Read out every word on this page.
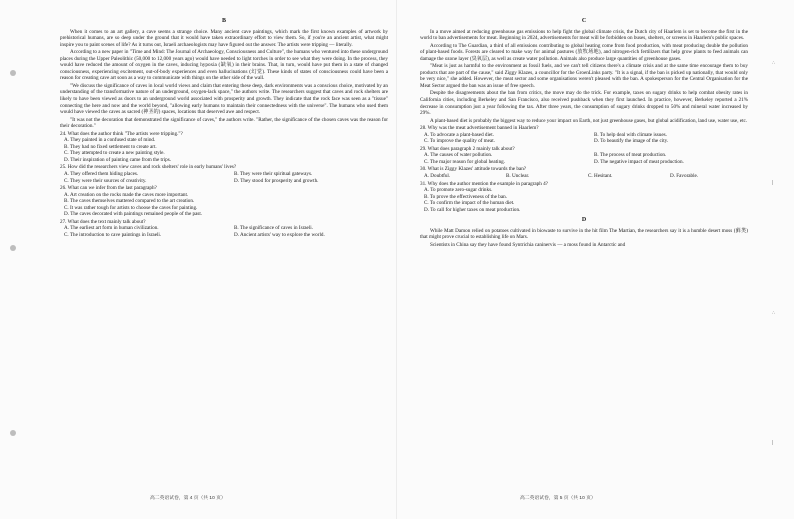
∴
|
∴
|
B

When it comes to an art gallery, a cave seems a strange choice. Many ancient cave paintings, which mark the first known examples of artwork by prehistorical humans, are so deep under the ground that it would have taken extraordinary effort to view them. So, if you're an ancient artist, what might inspire you to paint scenes of life? As it turns out, Israeli archaeologists may have figured out the answer. The artists were tripping — literally.

According to a new paper in "Time and Mind: The Journal of Archaeology, Consciousness and Culture", the humans who ventured into these underground places during the Upper Paleolithic (50,000 to 12,000 years ago) would have needed to light torches in order to see what they were doing. In the process, they would have reduced the amount of oxygen in the caves, inducing hypoxia (缺氧) in their brains. That, in turn, would have put them in a state of changed consciousness, experiencing excitement, out-of-body experiences and even hallucinations (幻觉). These kinds of states of consciousness could have been a reason for creating cave art soon as a way to communicate with things on the other side of the wall.

"We discuss the significance of caves in local world views and claim that entering these deep, dark environments was a conscious choice, motivated by an understanding of the transformative nature of an underground, oxygen-lack space," the authors write. The researchers suggest that caves and rock shelters are likely to have been viewed as doors to an underground world associated with prosperity and growth. They indicate that the rock face was seen as a "tissue" connecting the here and now and the world beyond, "allowing early humans to maintain their connectedness with the universe". The humans who used them would have viewed the caves as sacred (神圣的) spaces, locations that deserved awe and respect.

"It was not the decoration that demonstrated the significance of caves," the authors write. "Rather, the significance of the chosen caves was the reason for their decoration."

24. What does the author think "The artists were tripping."?
A. They painted in a confused state of mind.
B. They had no fixed settlement to create art.
C. They attempted to create a new painting style.
D. Their inspiration of painting came from the trips.
25. How did the researchers view caves and rock shelters' role in early humans' lives?
A. They offered them hiding places.	B. They were their spiritual gateways.
C. They were their sources of creativity.	D. They stood for prosperity and growth.
26. What can we infer from the last paragraph?
A. Art creation on the rocks made the caves more important.
B. The caves themselves mattered compared to the art creation.
C. It was rather tough for artists to choose the caves for painting.
D. The caves decorated with paintings remained people of the past.
27. What does the text mainly talk about?
A. The earliest art form in human civilization.	B. The significance of caves in Israeli.
C. The introduction to cave paintings in Israeli.	D. Ancient artists' way to explore the world.
C

In a move aimed at reducing greenhouse gas emissions to help fight the global climate crisis, the Dutch city of Haarlem is set to become the first in the world to ban advertisements for meat. Beginning in 2024, advertisements for meat will be forbidden on buses, shelters, or screens in Haarlem's public spaces.

According to The Guardian, a third of all emissions contributing to global heating come from food production, with meat producing double the pollution of plant-based foods. Forests are cleared to make way for animal pastures (放牧场地), and nitrogen-rich fertilizers that help grow plants to feed animals can damage the ozone layer (臭氧层), as well as create water pollution. Animals also produce large quantities of greenhouse gases.

"Meat is just as harmful to the environment as fossil fuels, and we can't tell citizens there's a climate crisis and at the same time encourage them to buy products that are part of the cause," said Ziggy Klazes, a councillor for the GroenLinks party. "It is a signal, if the ban is picked up nationally, that would only be very nice," she added. However, the meat sector and some organisations weren't pleased with the ban. A spokesperson for the Central Organisation for the Meat Sector argued the ban was an issue of free speech.

Despite the disagreements about the ban from critics, the move may do the trick. For example, taxes on sugary drinks to help combat obesity rates in California cities, including Berkeley and San Francisco, also received pushback when they first launched. In practice, however, Berkeley reported a 21% decrease in consumption just a year following the tax. After three years, the consumption of sugary drinks dropped to 50% and mineral water increased by 29%.

A plant-based diet is probably the biggest way to reduce your impact on Earth, not just greenhouse gases, but global acidification, land use, water use, etc.

28. Why was the meat advertisement banned in Haarlem?
A. To advocate a plant-based diet.	B. To help deal with climate issues.
C. To improve the quality of meat.	D. To beautify the image of the city.
29. What does paragraph 2 mainly talk about?
A. The causes of water pollution.	B. The process of meat production.
C. The major reason for global heating.	D. The negative impact of meat production.
30. What is Ziggy Klazes' attitude towards the ban?
A. Doubtful.	B. Unclear.	C. Hesitant.	D. Favorable.
31. Why does the author mention the example in paragraph 4?
A. To promote zero-sugar drinks.
B. To prove the effectiveness of the ban.
C. To confirm the impact of the human diet.
D. To call for higher taxes on meat production.
D

While Matt Damon relied on potatoes cultivated in biowaste to survive in the hit film The Martian, the researchers say it is a humble desert moss (藓类) that might prove crucial to establishing life on Mars.

Scientists in China say they have found Syntrichia caninervis — a moss found in Antarctic and

高二英语试卷，第 4 页（共 10 页）	高二英语试卷，第 5 页（共 10 页）
